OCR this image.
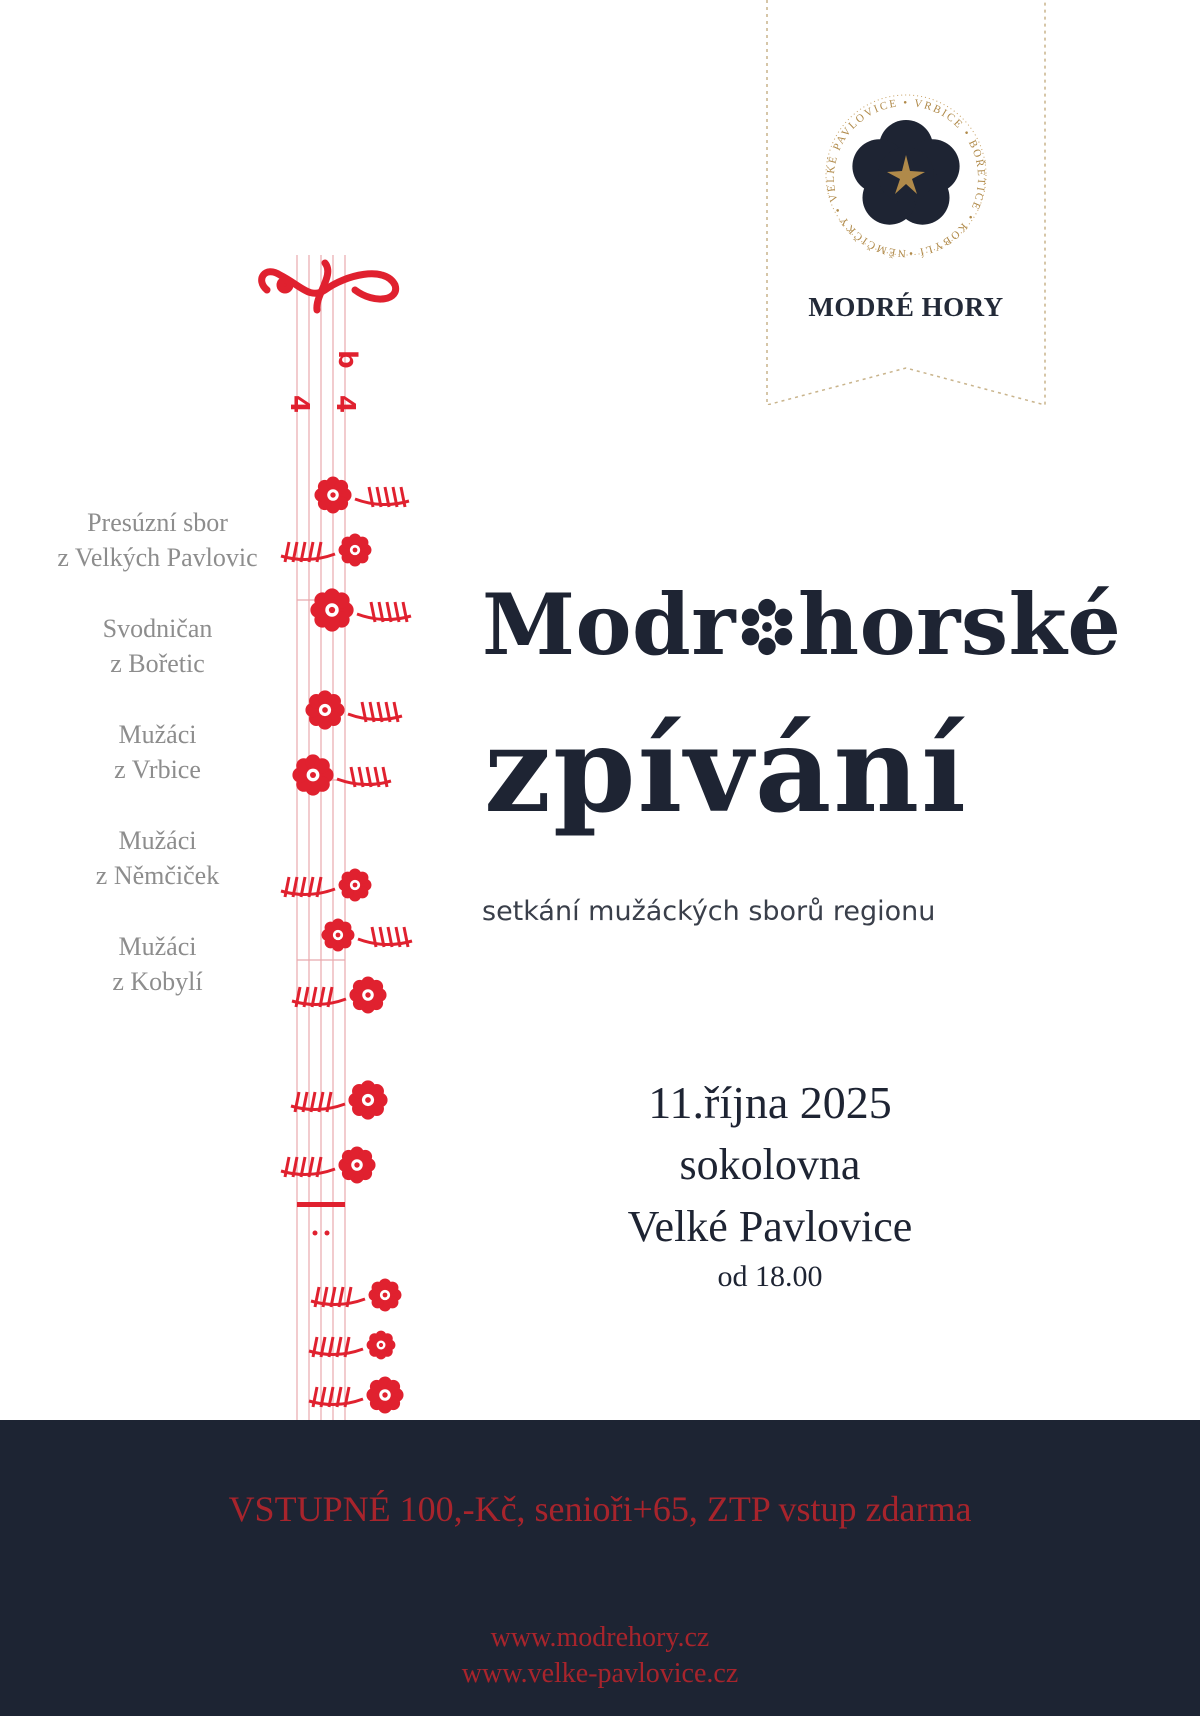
NĚMČIČKY • VELKÉ PAVLOVICE • VRBICE • BOŘETICE • KOBYLÍ •
MODRÉ HORY
4 4
b
Presúzní sbor
z Velkých Pavlovic
Svodničan
z Bořetic
Mužáci
z Vrbice
Mužáci
z Němčiček
Mužáci
z Kobylí
Modr horské
zpívání
setkání mužáckých sborů regionu
11.října 2025
sokolovna
Velké Pavlovice
od 18.00
VSTUPNÉ 100,-Kč, senioři+65, ZTP vstup zdarma
www.modrehory.cz
www.velke-pavlovice.cz
